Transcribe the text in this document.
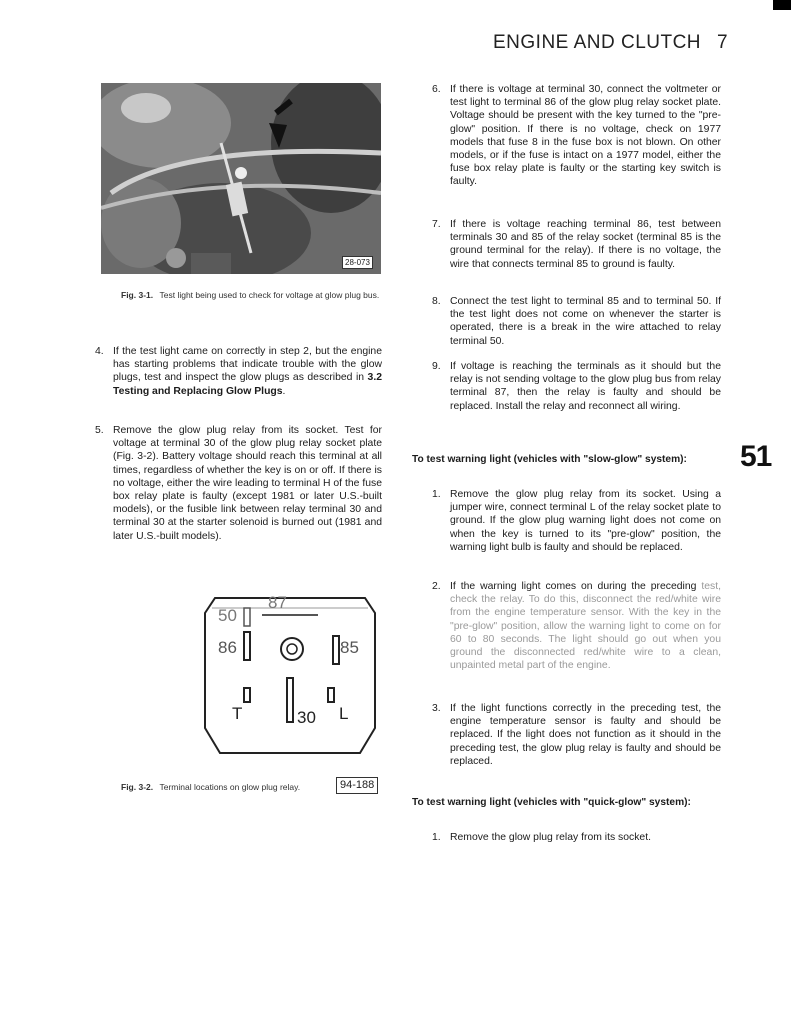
ENGINE AND CLUTCH 7
28-073
Fig. 3-1. Test light being used to check for voltage at glow plug bus.
4. If the test light came on correctly in step 2, but the engine has starting problems that indicate trouble with the glow plugs, test and inspect the glow plugs as described in 3.2 Testing and Replacing Glow Plugs.
5. Remove the glow plug relay from its socket. Test for voltage at terminal 30 of the glow plug relay socket plate (Fig. 3-2). Battery voltage should reach this terminal at all times, regardless of whether the key is on or off. If there is no voltage, either the wire leading to terminal H of the fuse box relay plate is faulty (except 1981 or later U.S.-built models), or the fusible link between relay terminal 30 and terminal 30 at the starter solenoid is burned out (1981 and later U.S.-built models).
50
87
86	85
T	30 L
94-188
Fig. 3-2. Terminal locations on glow plug relay.
6. If there is voltage at terminal 30, connect the voltmeter or test light to terminal 86 of the glow plug relay socket plate. Voltage should be present with the key turned to the "pre-glow" position. If there is no voltage, check on 1977 models that fuse 8 in the fuse box is not blown. On other models, or if the fuse is intact on a 1977 model, either the fuse box relay plate is faulty or the starting key switch is faulty.
7. If there is voltage reaching terminal 86, test between terminals 30 and 85 of the relay socket (terminal 85 is the ground terminal for the relay). If there is no voltage, the wire that connects terminal 85 to ground is faulty.
8. Connect the test light to terminal 85 and to terminal 50. If the test light does not come on whenever the starter is operated, there is a break in the wire attached to relay terminal 50.
9. If voltage is reaching the terminals as it should but the relay is not sending voltage to the glow plug bus from relay terminal 87, then the relay is faulty and should be replaced. Install the relay and reconnect all wiring.
51
To test warning light (vehicles with "slow-glow" system):
1. Remove the glow plug relay from its socket. Using a jumper wire, connect terminal L of the relay socket plate to ground. If the glow plug warning light does not come on when the key is turned to its "pre-glow" position, the warning light bulb is faulty and should be replaced.
2. If the warning light comes on during the preceding test, check the relay. To do this, disconnect the red/white wire from the engine temperature sensor. With the key in the "pre-glow" position, allow the warning light to come on for 60 to 80 seconds. The light should go out when you ground the disconnected red/white wire to a clean, unpainted metal part of the engine.
3. If the light functions correctly in the preceding test, the engine temperature sensor is faulty and should be replaced. If the light does not function as it should in the preceding test, the glow plug relay is faulty and should be replaced.
To test warning light (vehicles with "quick-glow" system):
1. Remove the glow plug relay from its socket.
